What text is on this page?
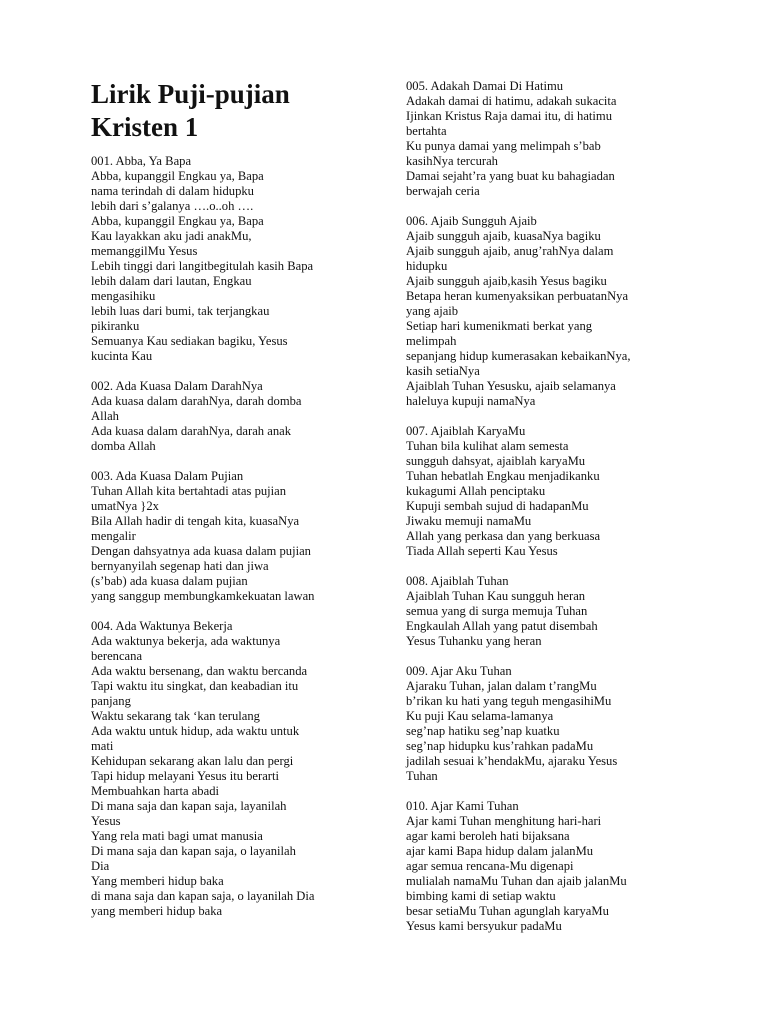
Lirik Puji-pujian
Kristen 1
001. Abba, Ya Bapa
Abba, kupanggil Engkau ya, Bapa
nama terindah di dalam hidupku
lebih dari s’galanya ….o..oh ….
Abba, kupanggil Engkau ya, Bapa
Kau layakkan aku jadi anakMu,
memanggilMu Yesus
Lebih tinggi dari langitbegitulah kasih Bapa
lebih dalam dari lautan, Engkau
mengasihiku
lebih luas dari bumi, tak terjangkau
pikiranku
Semuanya Kau sediakan bagiku, Yesus
kucinta Kau
002. Ada Kuasa Dalam DarahNya
Ada kuasa dalam darahNya, darah domba
Allah
Ada kuasa dalam darahNya, darah anak
domba Allah
003. Ada Kuasa Dalam Pujian
Tuhan Allah kita bertahtadi atas pujian
umatNya }2x
Bila Allah hadir di tengah kita, kuasaNya
mengalir
Dengan dahsyatnya ada kuasa dalam pujian
bernyanyilah segenap hati dan jiwa
(s’bab) ada kuasa dalam pujian
yang sanggup membungkamkekuatan lawan
004. Ada Waktunya Bekerja
Ada waktunya bekerja, ada waktunya
berencana
Ada waktu bersenang, dan waktu bercanda
Tapi waktu itu singkat, dan keabadian itu
panjang
Waktu sekarang tak ‘kan terulang
Ada waktu untuk hidup, ada waktu untuk
mati
Kehidupan sekarang akan lalu dan pergi
Tapi hidup melayani Yesus itu berarti
Membuahkan harta abadi
Di mana saja dan kapan saja, layanilah
Yesus
Yang rela mati bagi umat manusia
Di mana saja dan kapan saja, o layanilah
Dia
Yang memberi hidup baka
di mana saja dan kapan saja, o layanilah Dia
yang memberi hidup baka
005. Adakah Damai Di Hatimu
Adakah damai di hatimu, adakah sukacita
Ijinkan Kristus Raja damai itu, di hatimu
bertahta
Ku punya damai yang melimpah s’bab
kasihNya tercurah
Damai sejaht’ra yang buat ku bahagiadan
berwajah ceria
006. Ajaib Sungguh Ajaib
Ajaib sungguh ajaib, kuasaNya bagiku
Ajaib sungguh ajaib, anug’rahNya dalam
hidupku
Ajaib sungguh ajaib,kasih Yesus bagiku
Betapa heran kumenyaksikan perbuatanNya
yang ajaib
Setiap hari kumenikmati berkat yang
melimpah
sepanjang hidup kumerasakan kebaikanNya,
kasih setiaNya
Ajaiblah Tuhan Yesusku, ajaib selamanya
haleluya kupuji namaNya
007. Ajaiblah KaryaMu
Tuhan bila kulihat alam semesta
sungguh dahsyat, ajaiblah karyaMu
Tuhan hebatlah Engkau menjadikanku
kukagumi Allah penciptaku
Kupuji sembah sujud di hadapanMu
Jiwaku memuji namaMu
Allah yang perkasa dan yang berkuasa
Tiada Allah seperti Kau Yesus
008. Ajaiblah Tuhan
Ajaiblah Tuhan Kau sungguh heran
semua yang di surga memuja Tuhan
Engkaulah Allah yang patut disembah
Yesus Tuhanku yang heran
009. Ajar Aku Tuhan
Ajaraku Tuhan, jalan dalam t’rangMu
b’rikan ku hati yang teguh mengasihiMu
Ku puji Kau selama-lamanya
seg’nap hatiku seg’nap kuatku
seg’nap hidupku kus’rahkan padaMu
jadilah sesuai k’hendakMu, ajaraku Yesus
Tuhan
010. Ajar Kami Tuhan
Ajar kami Tuhan menghitung hari-hari
agar kami beroleh hati bijaksana
ajar kami Bapa hidup dalam jalanMu
agar semua rencana-Mu digenapi
mulialah namaMu Tuhan dan ajaib jalanMu
bimbing kami di setiap waktu
besar setiaMu Tuhan agunglah karyaMu
Yesus kami bersyukur padaMu
